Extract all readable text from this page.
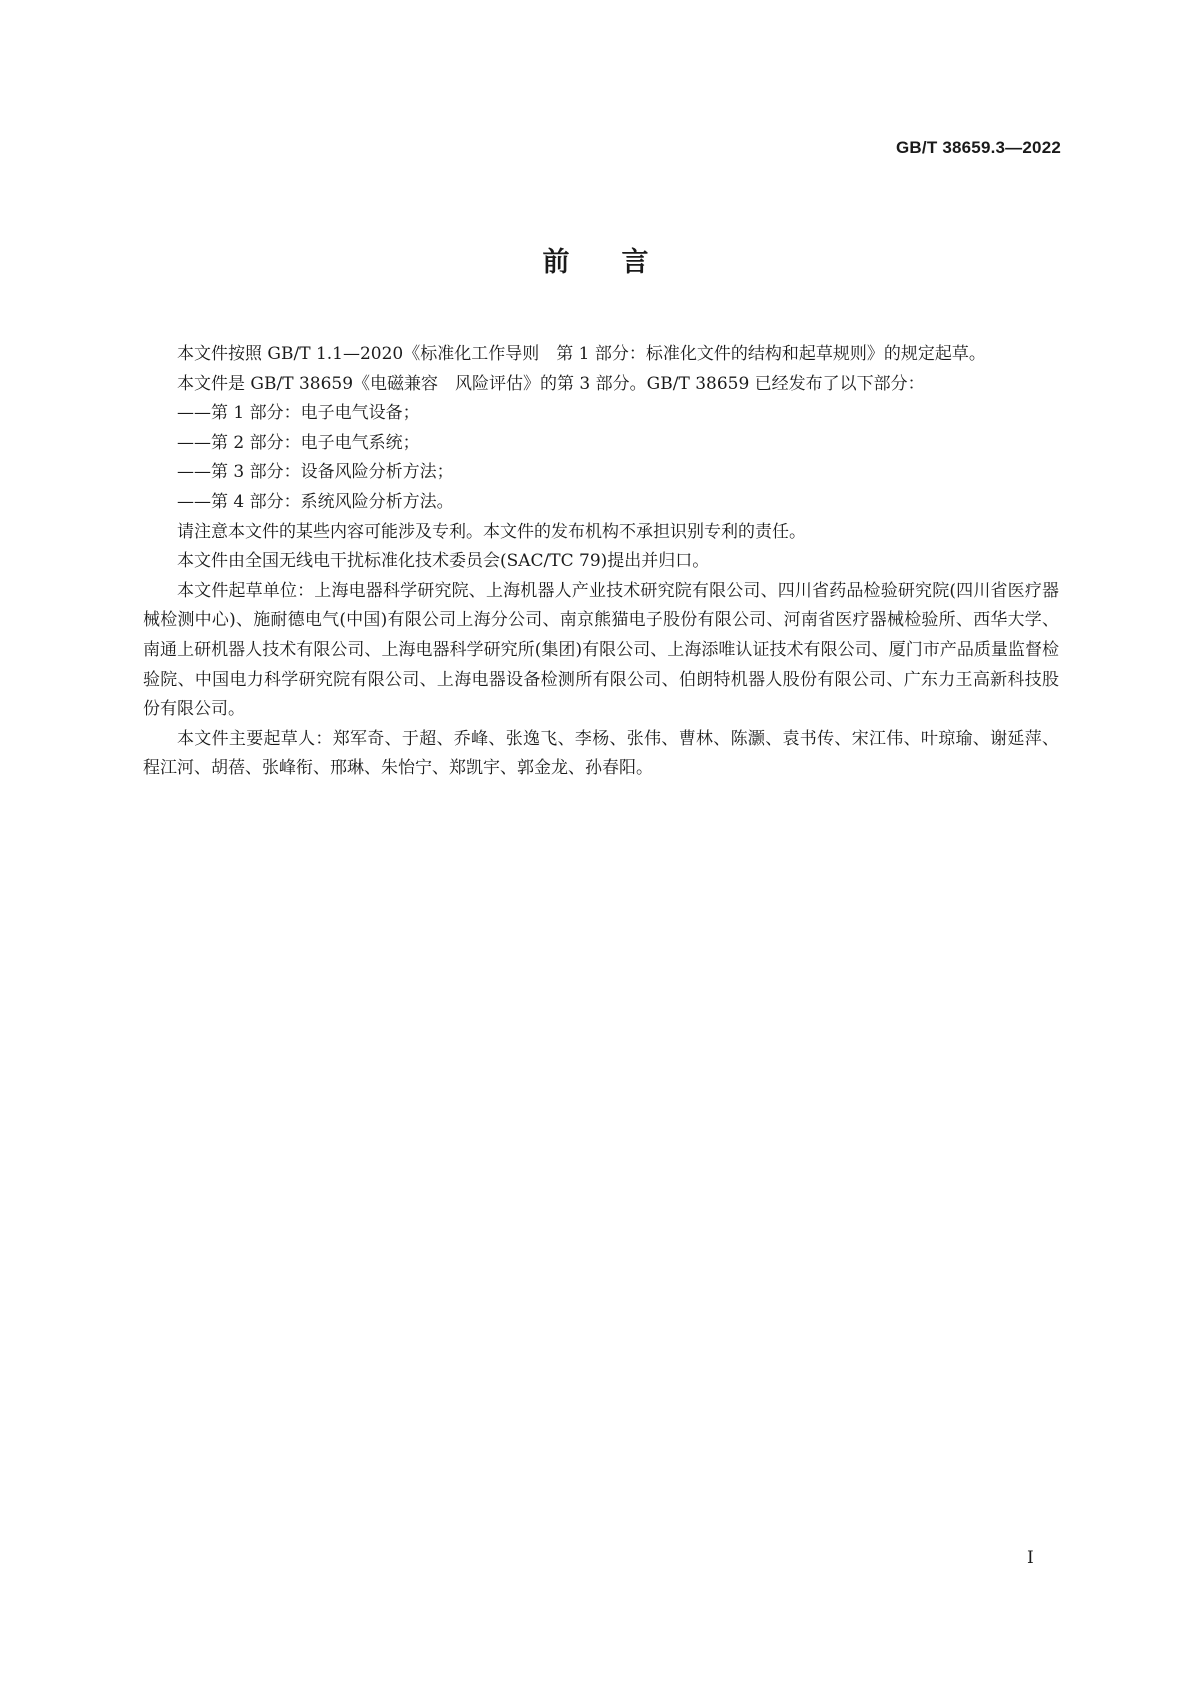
GB/T 38659.3—2022
前言

本文件按照 GB/T 1.1—2020《标准化工作导则　第 1 部分：标准化文件的结构和起草规则》的规定起草。

本文件是 GB/T 38659《电磁兼容　风险评估》的第 3 部分。GB/T 38659 已经发布了以下部分：

——第 1 部分：电子电气设备；

——第 2 部分：电子电气系统；

——第 3 部分：设备风险分析方法；

——第 4 部分：系统风险分析方法。

请注意本文件的某些内容可能涉及专利。本文件的发布机构不承担识别专利的责任。

本文件由全国无线电干扰标准化技术委员会(SAC/TC 79)提出并归口。

本文件起草单位：上海电器科学研究院、上海机器人产业技术研究院有限公司、四川省药品检验研究院(四川省医疗器械检测中心)、施耐德电气(中国)有限公司上海分公司、南京熊猫电子股份有限公司、河南省医疗器械检验所、西华大学、南通上研机器人技术有限公司、上海电器科学研究所(集团)有限公司、上海添唯认证技术有限公司、厦门市产品质量监督检验院、中国电力科学研究院有限公司、上海电器设备检测所有限公司、伯朗特机器人股份有限公司、广东力王高新科技股份有限公司。

本文件主要起草人：郑军奇、于超、乔峰、张逸飞、李杨、张伟、曹林、陈灏、袁书传、宋江伟、叶琼瑜、谢延萍、程江河、胡蓓、张峰衔、邢琳、朱怡宁、郑凯宇、郭金龙、孙春阳。

I
